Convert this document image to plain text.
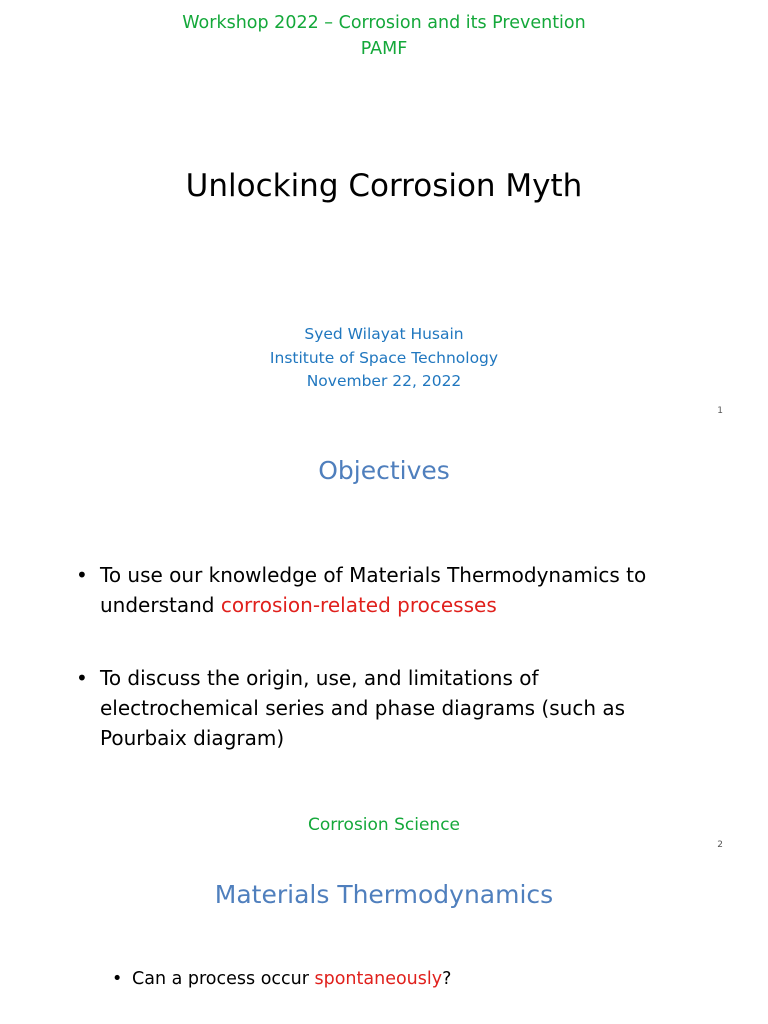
Workshop 2022 – Corrosion and its Prevention
PAMF
Unlocking Corrosion Myth
Syed Wilayat Husain
Institute of Space Technology
November 22, 2022
1
Objectives
• To use our knowledge of Materials Thermodynamics to understand corrosion-related processes
• To discuss the origin, use, and limitations of electrochemical series and phase diagrams (such as Pourbaix diagram)
Corrosion Science
2
Materials Thermodynamics
• Can a process occur spontaneously?
